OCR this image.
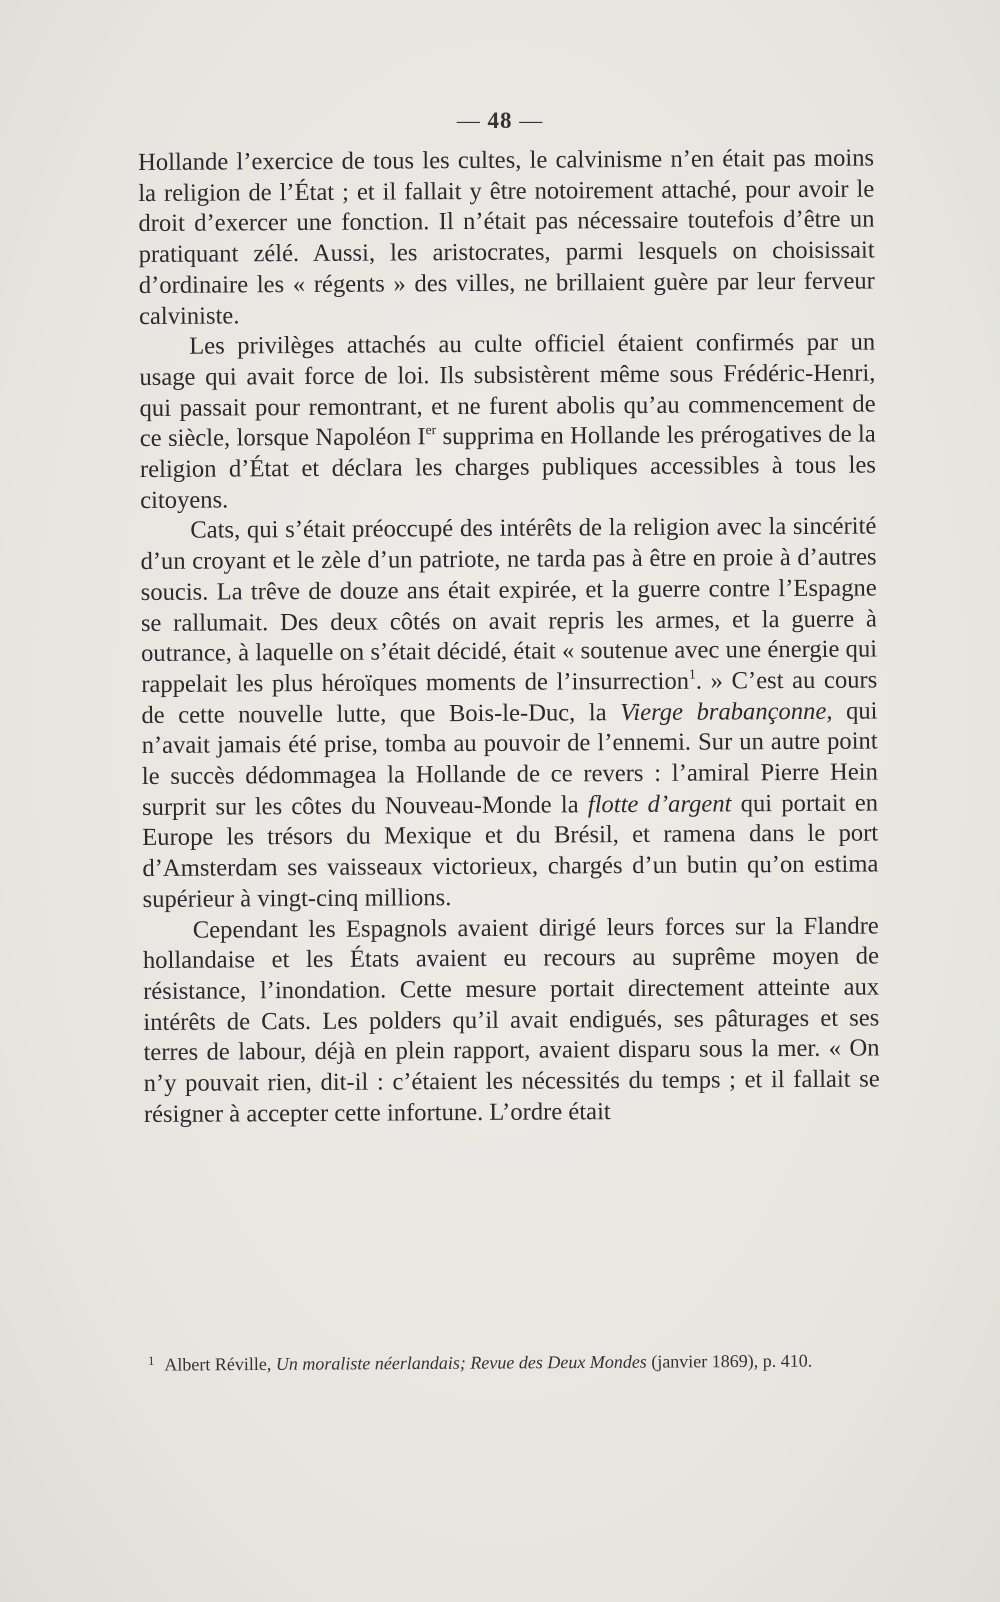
— 48 —

Hollande l’exercice de tous les cultes, le calvinisme n’en était pas moins la religion de l’État ; et il fallait y être notoirement attaché, pour avoir le droit d’exercer une fonction. Il n’était pas nécessaire toutefois d’être un pratiquant zélé. Aussi, les aristocrates, parmi lesquels on choisissait d’ordinaire les « régents » des villes, ne brillaient guère par leur ferveur calviniste.

Les privilèges attachés au culte officiel étaient confirmés par un usage qui avait force de loi. Ils subsistèrent même sous Frédéric-Henri, qui passait pour remontrant, et ne furent abolis qu’au commencement de ce siècle, lorsque Napoléon Ier supprima en Hollande les prérogatives de la religion d’État et déclara les charges publiques accessibles à tous les citoyens.

Cats, qui s’était préoccupé des intérêts de la religion avec la sincérité d’un croyant et le zèle d’un patriote, ne tarda pas à être en proie à d’autres soucis. La trêve de douze ans était expirée, et la guerre contre l’Espagne se rallumait. Des deux côtés on avait repris les armes, et la guerre à outrance, à laquelle on s’était décidé, était « soutenue avec une énergie qui rappelait les plus héroïques moments de l’insurrection$^1$. » C’est au cours de cette nouvelle lutte, que Bois-le-Duc, la Vierge brabançonne, qui n’avait jamais été prise, tomba au pouvoir de l’ennemi. Sur un autre point le succès dédommagea la Hollande de ce revers : l’amiral Pierre Hein surprit sur les côtes du Nouveau-Monde la flotte d’argent qui portait en Europe les trésors du Mexique et du Brésil, et ramena dans le port d’Amsterdam ses vaisseaux victorieux, chargés d’un butin qu’on estima supérieur à vingt-cinq millions.

Cependant les Espagnols avaient dirigé leurs forces sur la Flandre hollandaise et les États avaient eu recours au suprême moyen de résistance, l’inondation. Cette mesure portait directement atteinte aux intérêts de Cats. Les polders qu’il avait endigués, ses pâturages et ses terres de labour, déjà en plein rapport, avaient disparu sous la mer. « On n’y pouvait rien, dit-il : c’étaient les nécessités du temps ; et il fallait se résigner à accepter cette infortune. L’ordre était

$^1$ Albert Réville, Un moraliste néerlandais; Revue des Deux Mondes (janvier 1869), p. 410.
